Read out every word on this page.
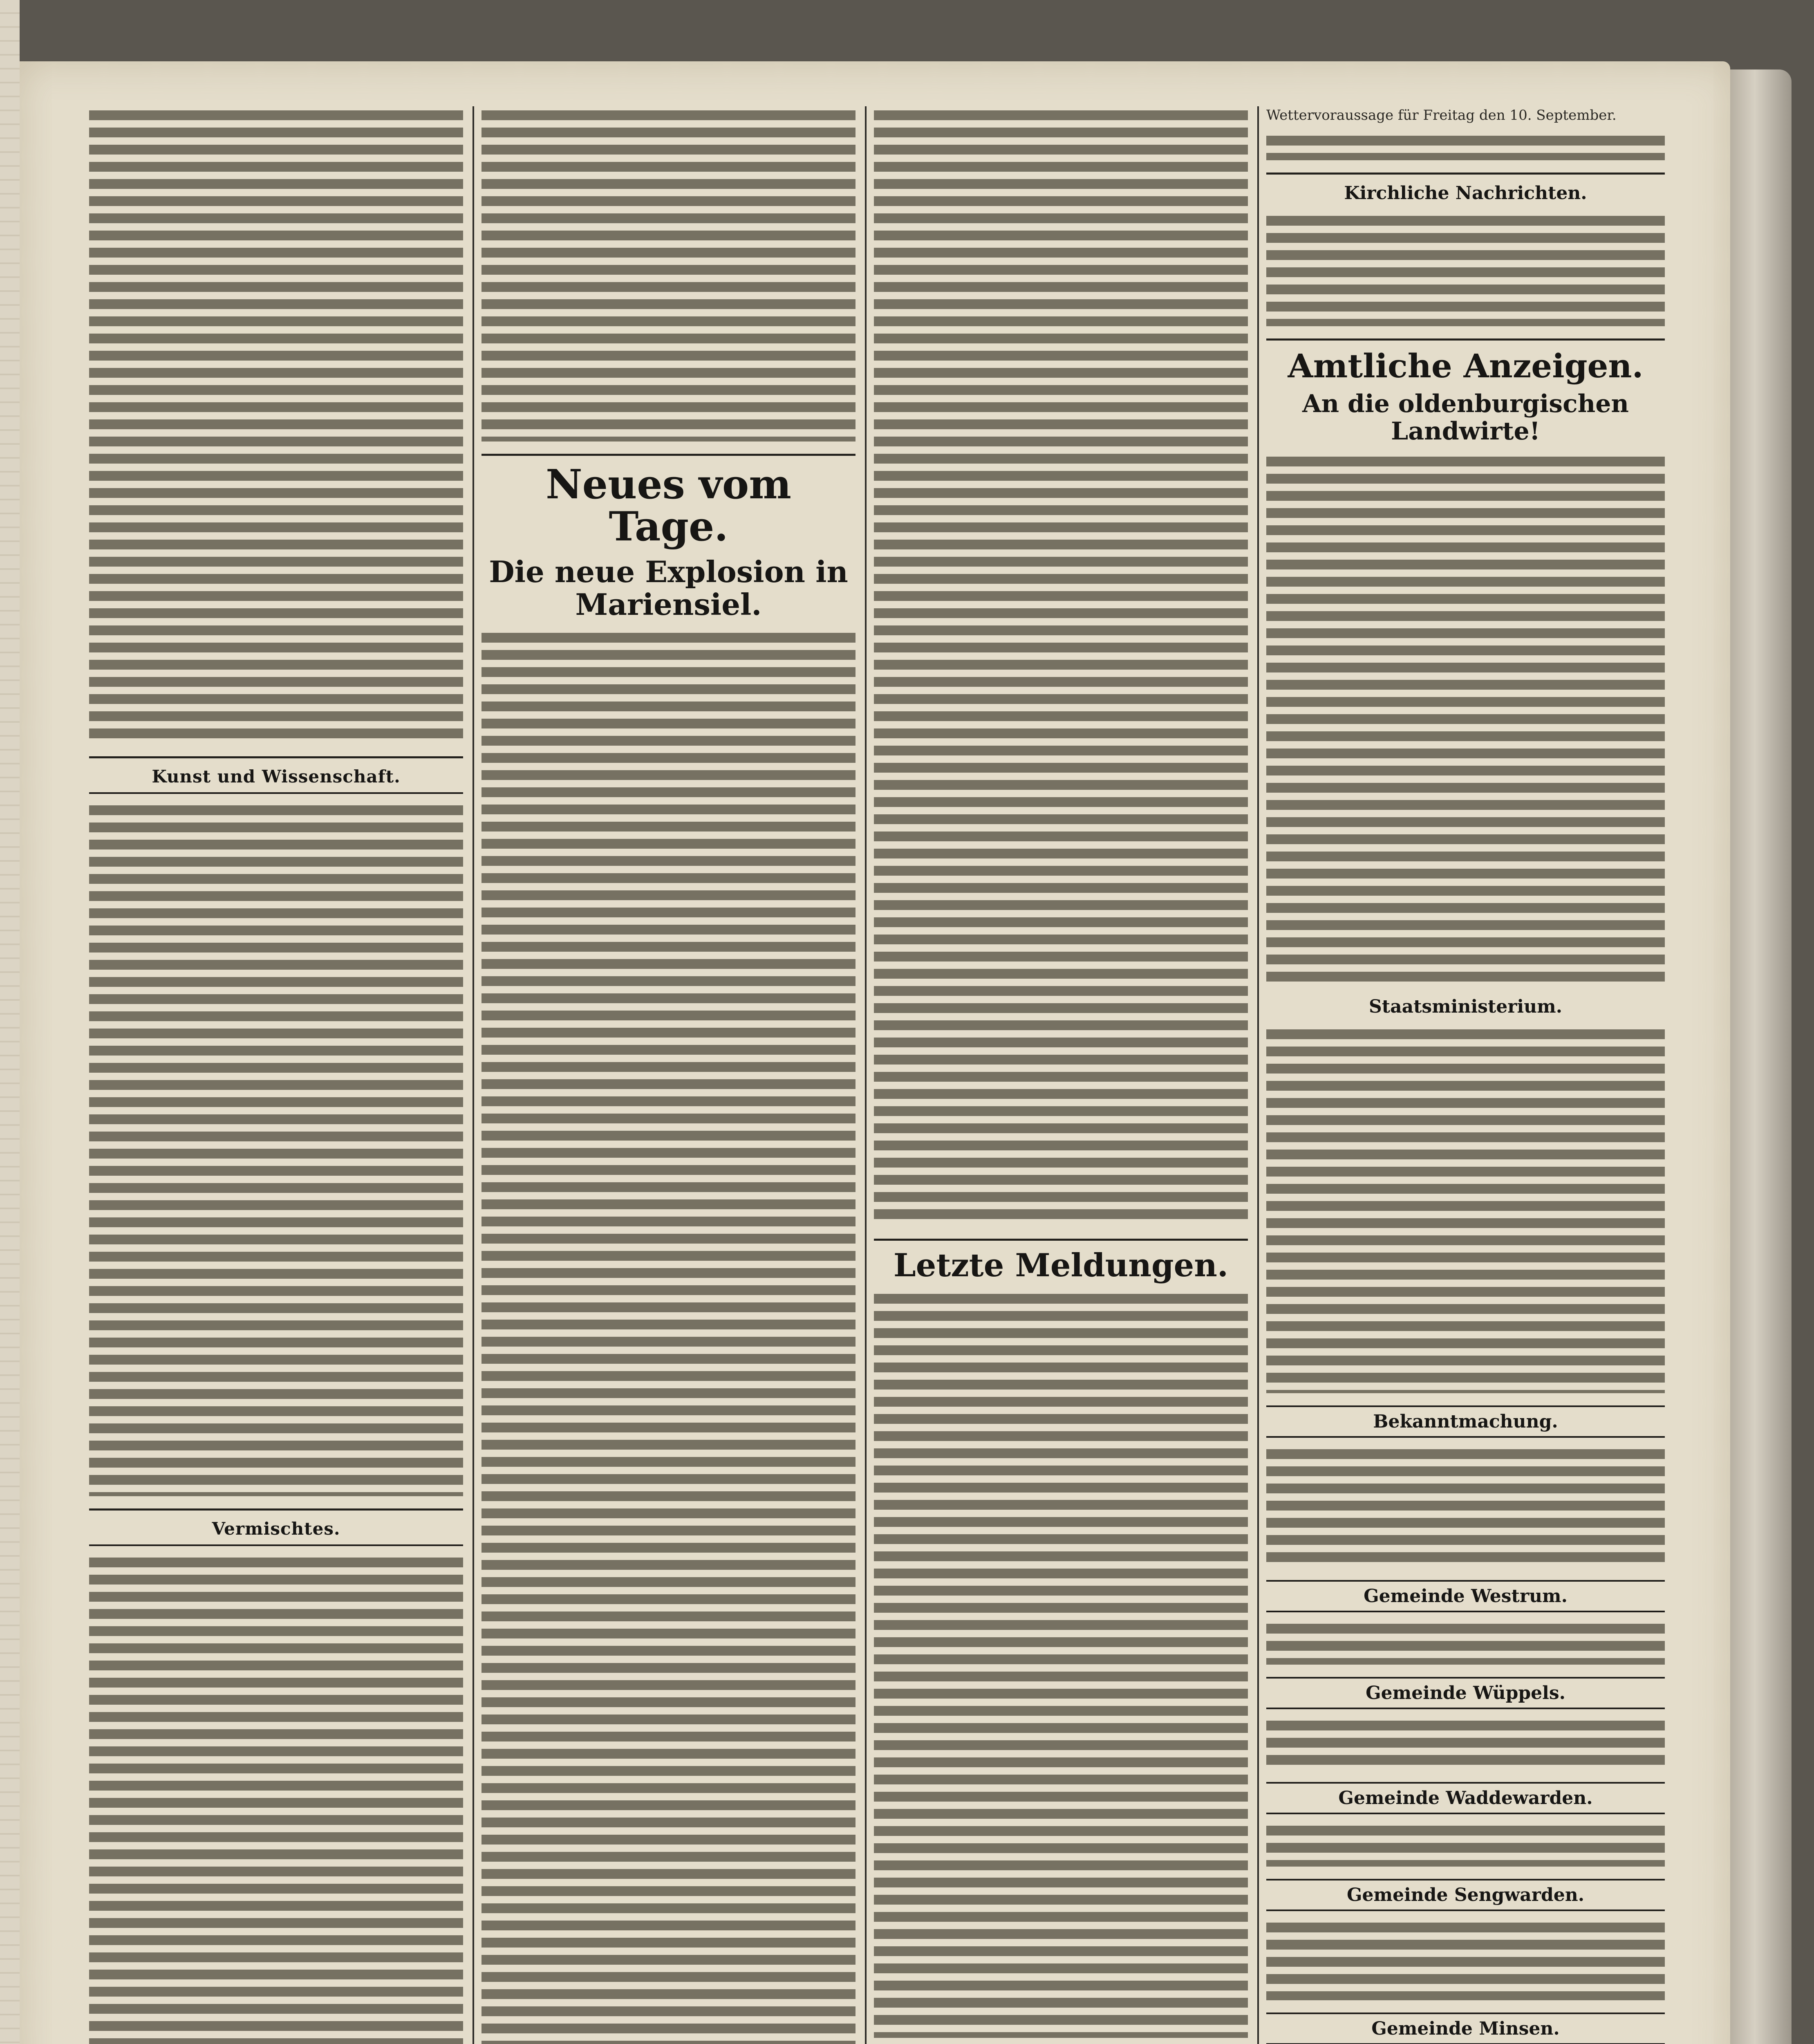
Kunst und Wissenschaft.
Vermischtes.
Neues vom Tage.
Die neue Explosion in Mariensiel.
Letzte Meldungen.
Wettervoraussage für Freitag den 10. September.
Kirchliche Nachrichten.
Amtliche Anzeigen.
An die oldenburgischen Landwirte!
Staatsministerium.
Bekanntmachung.
Gemeinde Westrum.
Gemeinde Wüppels.
Gemeinde Waddewarden.
Gemeinde Sengwarden.
Gemeinde Minsen.
